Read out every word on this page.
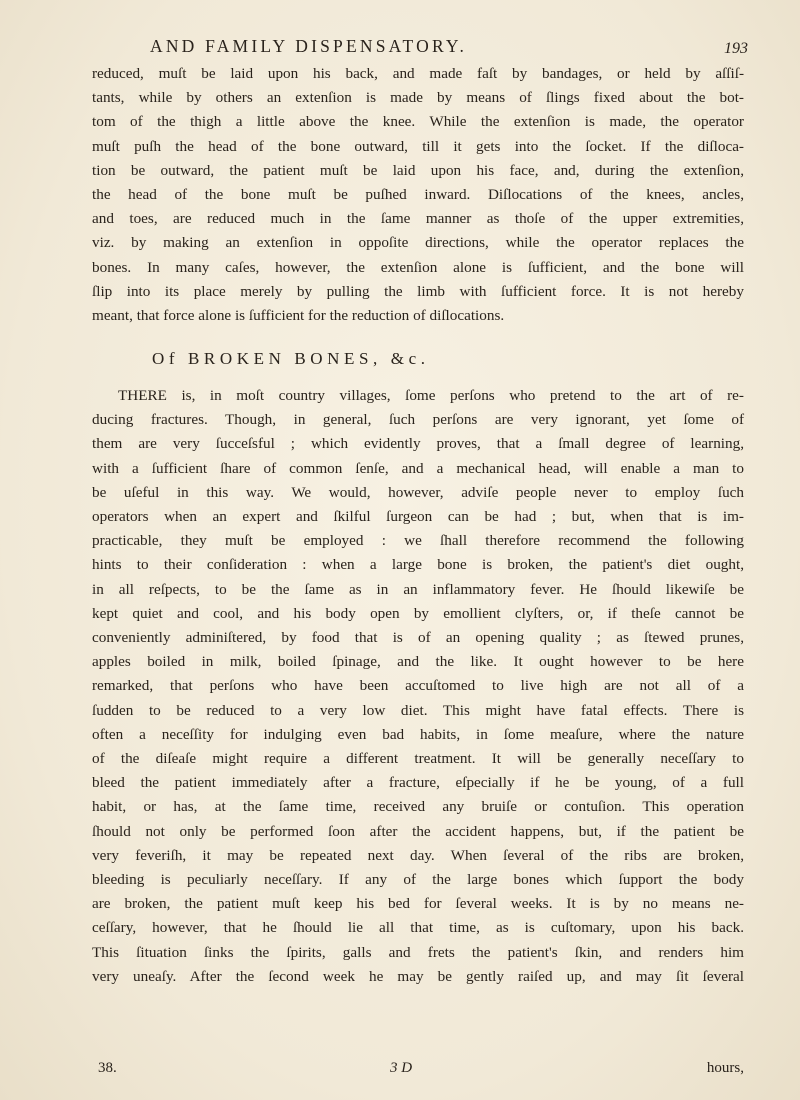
AND FAMILY DISPENSATORY.	193

reduced, muſt be laid upon his back, and made faſt by bandages, or held by aſſiſ-

tants, while by others an extenſion is made by means of ſlings fixed about the bot-

tom of the thigh a little above the knee. While the extenſion is made, the operator

muſt puſh the head of the bone outward, till it gets into the ſocket. If the diſloca-

tion be outward, the patient muſt be laid upon his face, and, during the extenſion,

the head of the bone muſt be puſhed inward. Diſlocations of the knees, ancles,

and toes, are reduced much in the ſame manner as thoſe of the upper extremities,

viz. by making an extenſion in oppoſite directions, while the operator replaces the

bones. In many caſes, however, the extenſion alone is ſufficient, and the bone will

ſlip into its place merely by pulling the limb with ſufficient force. It is not hereby

meant, that force alone is ſufficient for the reduction of diſlocations.

Of BROKEN BONES, &c.

THERE is, in moſt country villages, ſome perſons who pretend to the art of re-

ducing fractures. Though, in general, ſuch perſons are very ignorant, yet ſome of

them are very ſucceſsful ; which evidently proves, that a ſmall degree of learning,

with a ſufficient ſhare of common ſenſe, and a mechanical head, will enable a man to

be uſeful in this way. We would, however, adviſe people never to employ ſuch

operators when an expert and ſkilful ſurgeon can be had ; but, when that is im-

practicable, they muſt be employed : we ſhall therefore recommend the following

hints to their conſideration : when a large bone is broken, the patient's diet ought,

in all reſpects, to be the ſame as in an inflammatory fever. He ſhould likewiſe be

kept quiet and cool, and his body open by emollient clyſters, or, if theſe cannot be

conveniently adminiſtered, by food that is of an opening quality ; as ſtewed prunes,

apples boiled in milk, boiled ſpinage, and the like. It ought however to be here

remarked, that perſons who have been accuſtomed to live high are not all of a

ſudden to be reduced to a very low diet. This might have fatal effects. There is

often a neceſſity for indulging even bad habits, in ſome meaſure, where the nature

of the diſeaſe might require a different treatment. It will be generally neceſſary to

bleed the patient immediately after a fracture, eſpecially if he be young, of a full

habit, or has, at the ſame time, received any bruiſe or contuſion. This operation

ſhould not only be performed ſoon after the accident happens, but, if the patient be

very feveriſh, it may be repeated next day. When ſeveral of the ribs are broken,

bleeding is peculiarly neceſſary. If any of the large bones which ſupport the body

are broken, the patient muſt keep his bed for ſeveral weeks. It is by no means ne-

ceſſary, however, that he ſhould lie all that time, as is cuſtomary, upon his back.

This ſituation ſinks the ſpirits, galls and frets the patient's ſkin, and renders him

very uneaſy. After the ſecond week he may be gently raiſed up, and may ſit ſeveral

38.	3 D	hours,
